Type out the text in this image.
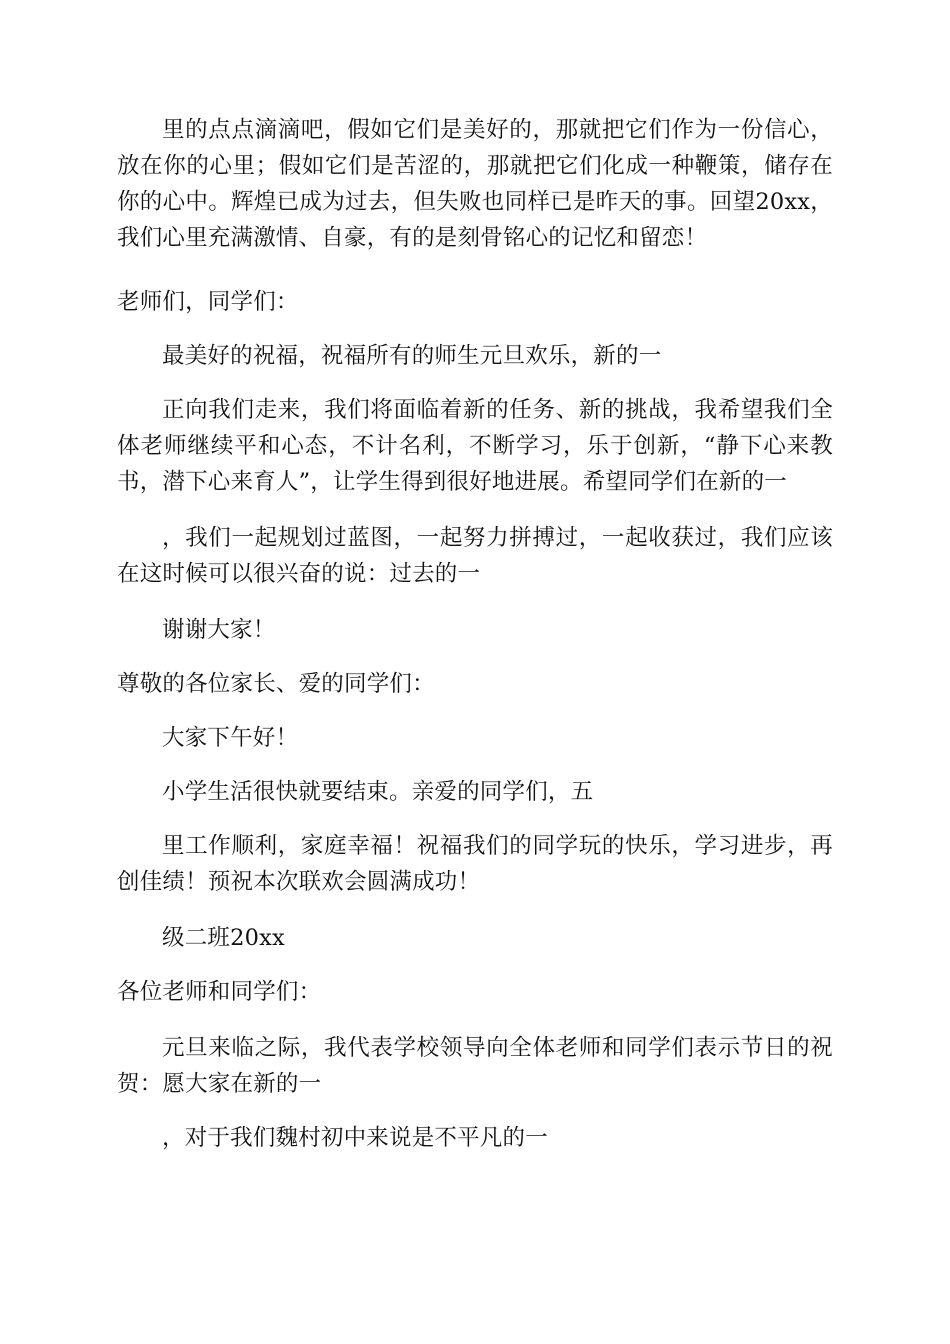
里的点点滴滴吧，假如它们是美好的，那就把它们作为一份信心，放在你的心里；假如它们是苦涩的，那就把它们化成一种鞭策，储存在你的心中。辉煌已成为过去，但失败也同样已是昨天的事。回望20xx，我们心里充满激情、自豪，有的是刻骨铭心的记忆和留恋！

老师们，同学们：

最美好的祝福，祝福所有的师生元旦欢乐，新的一

正向我们走来，我们将面临着新的任务、新的挑战，我希望我们全体老师继续平和心态，不计名利，不断学习，乐于创新，“静下心来教书，潜下心来育人”，让学生得到很好地进展。希望同学们在新的一

，我们一起规划过蓝图，一起努力拼搏过，一起收获过，我们应该在这时候可以很兴奋的说：过去的一

谢谢大家！

尊敬的各位家长、爱的同学们：

大家下午好！

小学生活很快就要结束。亲爱的同学们，五

里工作顺利，家庭幸福！祝福我们的同学玩的快乐，学习进步，再创佳绩！预祝本次联欢会圆满成功！

级二班20xx

各位老师和同学们：

元旦来临之际，我代表学校领导向全体老师和同学们表示节日的祝贺：愿大家在新的一

，对于我们魏村初中来说是不平凡的一
